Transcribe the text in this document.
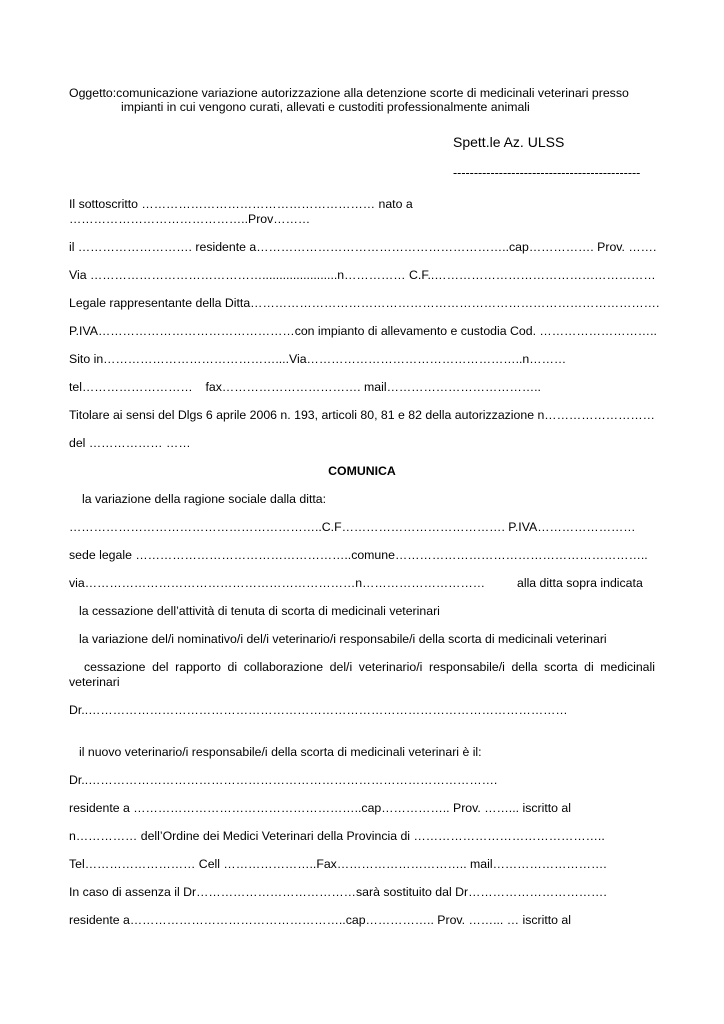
Oggetto:comunicazione variazione autorizzazione alla detenzione scorte di medicinali veterinari presso
impianti in cui vengono curati, allevati e custoditi professionalmente animali
Spett.le Az. ULSS
---------------------------------------------
Il sottoscritto ………………………………………………… nato a
……………………………………..Prov………
il ………………………. residente a……………………………………………………..cap……………. Prov. …….
Via ……………………………………......................n…………… C.F..………………………………………………
Legale rappresentante della Ditta……………………………………………………………………………………….
P.IVA…………………………………………con impianto di allevamento e custodia Cod. ………………………..
Sito in……………………………………....Via……………………………………………..n………
tel……………………… fax……………………………. mail………………………………..
Titolare ai sensi del Dlgs 6 aprile 2006 n. 193, articoli 80, 81 e 82 della autorizzazione n………………………
del ……………… ……
COMUNICA
la variazione della ragione sociale dalla ditta:
……………………………………………………..C.F…………………………………. P.IVA……………………
sede legale ……………………………………………..comune……………………………………………………..
via…………………………………………………………n…………………………	alla ditta sopra indicata
la cessazione dell’attività di tenuta di scorta di medicinali veterinari
la variazione del/i nominativo/i del/i veterinario/i responsabile/i della scorta di medicinali veterinari
cessazione del rapporto di collaborazione del/i veterinario/i responsabile/i della scorta di medicinali
veterinari
Dr..………………………………………………………………………………………………………
il nuovo veterinario/i responsabile/i della scorta di medicinali veterinari è il:
Dr..……………………………………………………………………………………….
residente a ………………………………………………..cap…………….. Prov. ……... iscritto al
n…………… dell’Ordine dei Medici Veterinari della Provincia di ………………………………………..
Tel……………………… Cell …………………..Fax………………………….. mail……………………….
In caso di assenza il Dr…………………………………sarà sostituito dal Dr…………………………….
residente a……………………………………………..cap…………….. Prov. ……... … iscritto al
